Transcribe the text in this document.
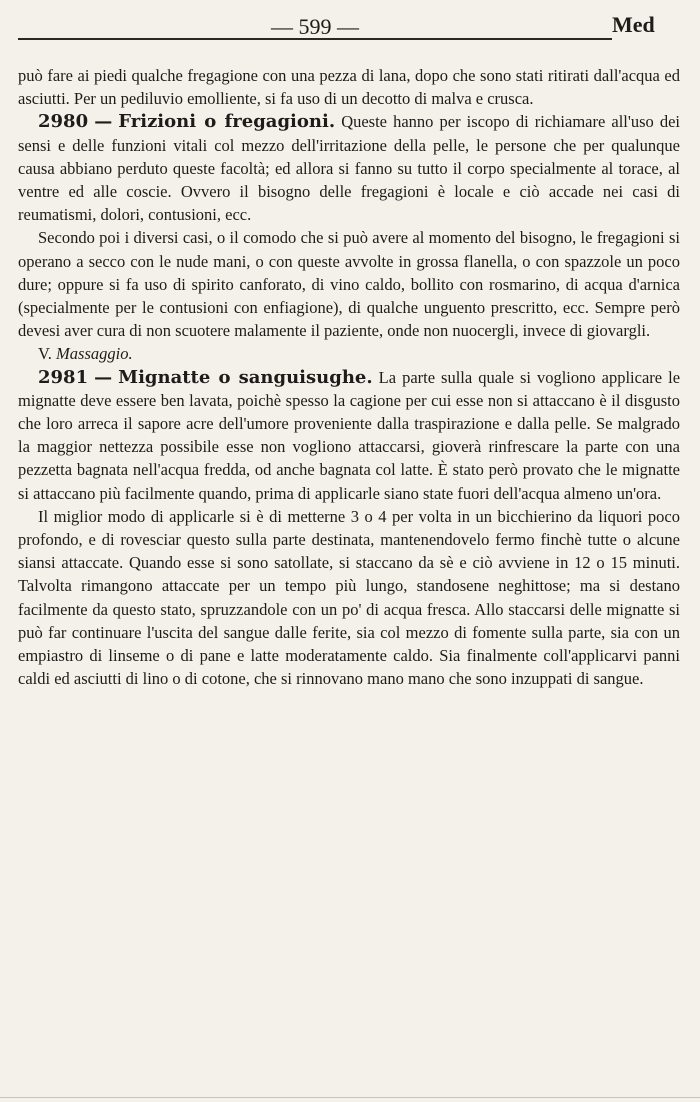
— 599 —	Med

può fare ai piedi qualche fregagione con una pezza di lana, dopo che sono stati ritirati dall'acqua ed asciutti. Per un pediluvio emolliente, si fa uso di un decotto di malva e crusca.

2980 — Frizioni o fregagioni. Queste hanno per iscopo di richiamare all'uso dei sensi e delle funzioni vitali col mezzo dell'irritazione della pelle, le persone che per qualunque causa abbiano perduto queste facoltà; ed allora si fanno su tutto il corpo specialmente al torace, al ventre ed alle coscie. Ovvero il bisogno delle fregagioni è locale e ciò accade nei casi di reumatismi, dolori, contusioni, ecc.

Secondo poi i diversi casi, o il comodo che si può avere al momento del bisogno, le fregagioni si operano a secco con le nude mani, o con queste avvolte in grossa flanella, o con spazzole un poco dure; oppure si fa uso di spirito canforato, di vino caldo, bollito con rosmarino, di acqua d'arnica (specialmente per le contusioni con enfiagione), di qualche unguento prescritto, ecc. Sempre però devesi aver cura di non scuotere malamente il paziente, onde non nuocergli, invece di giovargli.

V. Massaggio.

2981 — Mignatte o sanguisughe. La parte sulla quale si vogliono applicare le mignatte deve essere ben lavata, poichè spesso la cagione per cui esse non si attaccano è il disgusto che loro arreca il sapore acre dell'umore proveniente dalla traspirazione e dalla pelle. Se malgrado la maggior nettezza possibile esse non vogliono attaccarsi, gioverà rinfrescare la parte con una pezzetta bagnata nell'acqua fredda, od anche bagnata col latte. È stato però provato che le mignatte si attaccano più facilmente quando, prima di applicarle siano state fuori dell'acqua almeno un'ora.

Il miglior modo di applicarle si è di metterne 3 o 4 per volta in un bicchierino da liquori poco profondo, e di rovesciar questo sulla parte destinata, mantenendovelo fermo finchè tutte o alcune siansi attaccate. Quando esse si sono satollate, si staccano da sè e ciò avviene in 12 o 15 minuti. Talvolta rimangono attaccate per un tempo più lungo, standosene neghittose; ma si destano facilmente da questo stato, spruzzandole con un po' di acqua fresca. Allo staccarsi delle mignatte si può far continuare l'uscita del sangue dalle ferite, sia col mezzo di fomente sulla parte, sia con un empiastro di linseme o di pane e latte moderatamente caldo. Sia finalmente coll'applicarvi panni caldi ed asciutti di lino o di cotone, che si rinnovano mano mano che sono inzuppati di sangue.
